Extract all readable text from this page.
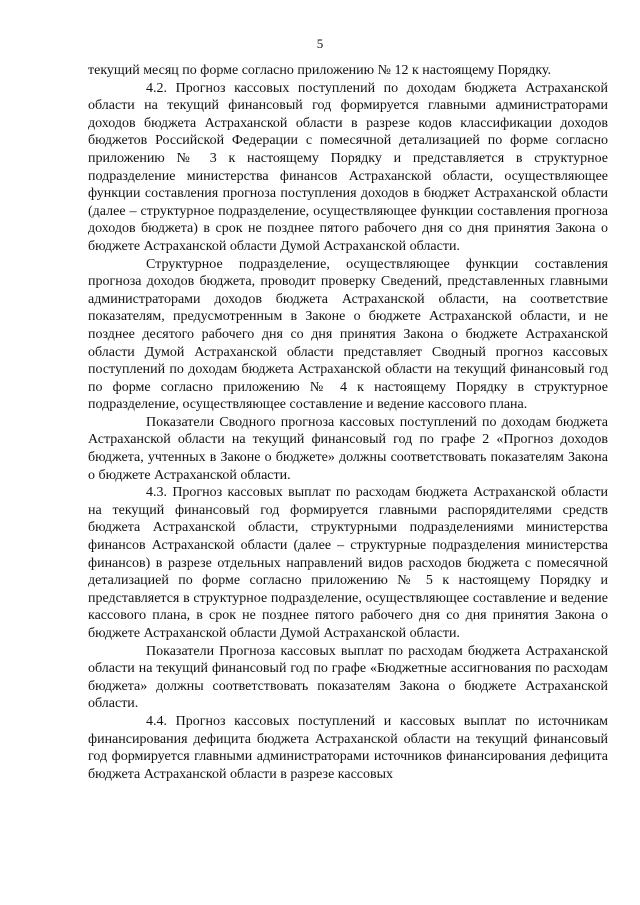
5

текущий месяц по форме согласно приложению № 12 к настоящему Порядку.

4.2. Прогноз кассовых поступлений по доходам бюджета Астраханской области на текущий финансовый год формируется главными администраторами доходов бюджета Астраханской области в разрезе кодов классификации доходов бюджетов Российской Федерации с помесячной детализацией по форме согласно приложению № 3 к настоящему Порядку и представляется в структурное подразделение министерства финансов Астраханской области, осуществляющее функции составления прогноза поступления доходов в бюджет Астраханской области (далее – структурное подразделение, осуществляющее функции составления прогноза доходов бюджета) в срок не позднее пятого рабочего дня со дня принятия Закона о бюджете Астраханской области Думой Астраханской области.

Структурное подразделение, осуществляющее функции составления прогноза доходов бюджета, проводит проверку Сведений, представленных главными администраторами доходов бюджета Астраханской области, на соответствие показателям, предусмотренным в Законе о бюджете Астраханской области, и не позднее десятого рабочего дня со дня принятия Закона о бюджете Астраханской области Думой Астраханской области представляет Сводный прогноз кассовых поступлений по доходам бюджета Астраханской области на текущий финансовый год по форме согласно приложению № 4 к настоящему Порядку в структурное подразделение, осуществляющее составление и ведение кассового плана.

Показатели Сводного прогноза кассовых поступлений по доходам бюджета Астраханской области на текущий финансовый год по графе 2 «Прогноз доходов бюджета, учтенных в Законе о бюджете» должны соответствовать показателям Закона о бюджете Астраханской области.

4.3. Прогноз кассовых выплат по расходам бюджета Астраханской области на текущий финансовый год формируется главными распорядителями средств бюджета Астраханской области, структурными подразделениями министерства финансов Астраханской области (далее – структурные подразделения министерства финансов) в разрезе отдельных направлений видов расходов бюджета с помесячной детализацией по форме согласно приложению № 5 к настоящему Порядку и представляется в структурное подразделение, осуществляющее составление и ведение кассового плана, в срок не позднее пятого рабочего дня со дня принятия Закона о бюджете Астраханской области Думой Астраханской области.

Показатели Прогноза кассовых выплат по расходам бюджета Астраханской области на текущий финансовый год по графе «Бюджетные ассигнования по расходам бюджета» должны соответствовать показателям Закона о бюджете Астраханской области.

4.4. Прогноз кассовых поступлений и кассовых выплат по источникам финансирования дефицита бюджета Астраханской области на текущий финансовый год формируется главными администраторами источников финансирования дефицита бюджета Астраханской области в разрезе кассовых
